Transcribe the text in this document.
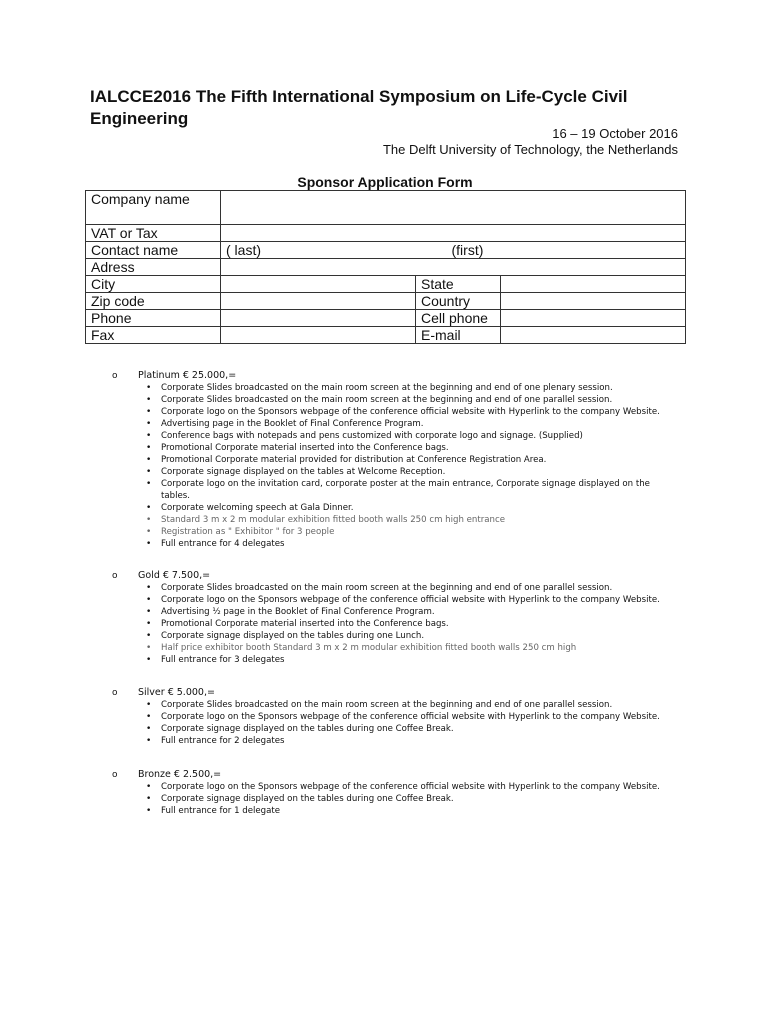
IALCCE2016 The Fifth International Symposium on Life-Cycle Civil Engineering
16 – 19 October 2016
The Delft University of Technology, the Netherlands
Sponsor Application Form
Company name			
VAT or Tax			
Contact name	( last)	(first)	
Adress			
City		State	
Zip code		Country	
Phone		Cell phone	
Fax		E-mail	
o Platinum € 25.000,=
• Corporate Slides broadcasted on the main room screen at the beginning and end of one plenary session.
• Corporate Slides broadcasted on the main room screen at the beginning and end of one parallel session.
• Corporate logo on the Sponsors webpage of the conference official website with Hyperlink to the company Website.
• Advertising page in the Booklet of Final Conference Program.
• Conference bags with notepads and pens customized with corporate logo and signage. (Supplied)
• Promotional Corporate material inserted into the Conference bags.
• Promotional Corporate material provided for distribution at Conference Registration Area.
• Corporate signage displayed on the tables at Welcome Reception.
• Corporate logo on the invitation card, corporate poster at the main entrance, Corporate signage displayed on the tables.
• Corporate welcoming speech at Gala Dinner.
• Standard 3 m x 2 m modular exhibition fitted booth walls 250 cm high entrance
• Registration as " Exhibitor " for 3 people
• Full entrance for 4 delegates
o Gold € 7.500,=
• Corporate Slides broadcasted on the main room screen at the beginning and end of one parallel session.
• Corporate logo on the Sponsors webpage of the conference official website with Hyperlink to the company Website.
• Advertising ½ page in the Booklet of Final Conference Program.
• Promotional Corporate material inserted into the Conference bags.
• Corporate signage displayed on the tables during one Lunch.
• Half price exhibitor booth Standard 3 m x 2 m modular exhibition fitted booth walls 250 cm high
• Full entrance for 3 delegates
o Silver € 5.000,=
• Corporate Slides broadcasted on the main room screen at the beginning and end of one parallel session.
• Corporate logo on the Sponsors webpage of the conference official website with Hyperlink to the company Website.
• Corporate signage displayed on the tables during one Coffee Break.
• Full entrance for 2 delegates
o Bronze € 2.500,=
• Corporate logo on the Sponsors webpage of the conference official website with Hyperlink to the company Website.
• Corporate signage displayed on the tables during one Coffee Break.
• Full entrance for 1 delegate
